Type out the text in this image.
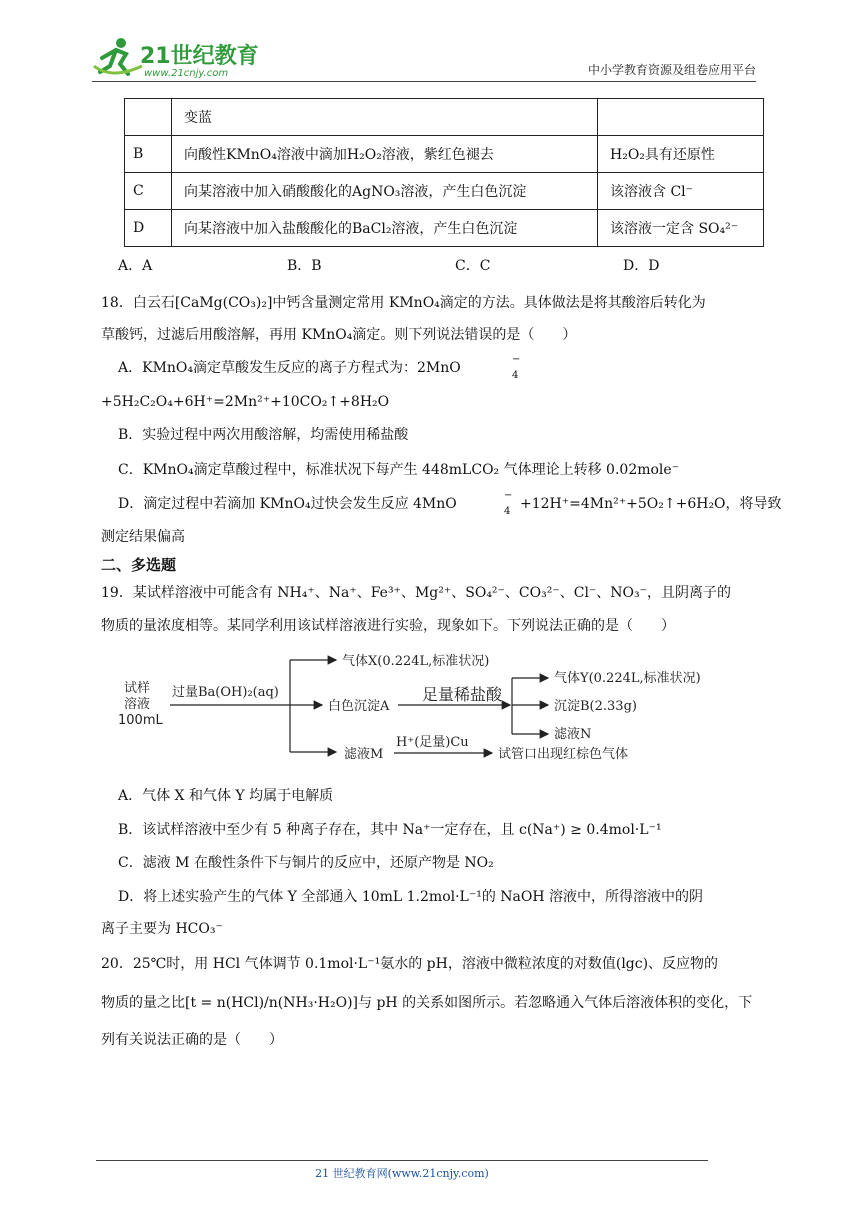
21世纪教育
www.21cnjy.com	中小学教育资源及组卷应用平台
	变蓝	
B	向酸性KMnO₄溶液中滴加H₂O₂溶液，紫红色褪去	H₂O₂具有还原性
C	向某溶液中加入硝酸酸化的AgNO₃溶液，产生白色沉淀	该溶液含 Cl⁻
D	向某溶液中加入盐酸酸化的BaCl₂溶液，产生白色沉淀	该溶液一定含 SO₄²⁻
A．A	B．B	C．C	D．D
18．白云石[CaMg(CO₃)₂]中钙含量测定常用 KMnO₄滴定的方法。具体做法是将其酸溶后转化为
草酸钙，过滤后用酸溶解，再用 KMnO₄滴定。则下列说法错误的是（　　）
A．KMnO₄滴定草酸发生反应的离子方程式为：2MnO
−
4
+5H₂C₂O₄+6H⁺=2Mn²⁺+10CO₂↑+8H₂O
B．实验过程中两次用酸溶解，均需使用稀盐酸
C．KMnO₄滴定草酸过程中，标准状况下每产生 448mLCO₂ 气体理论上转移 0.02mole⁻
D．滴定过程中若滴加 KMnO₄过快会发生反应 4MnO
−
4 +12H⁺=4Mn²⁺+5O₂↑+6H₂O，将导致
测定结果偏高
二、多选题
19．某试样溶液中可能含有 NH₄⁺、Na⁺、Fe³⁺、Mg²⁺、SO₄²⁻、CO₃²⁻、Cl⁻、NO₃⁻，且阴离子的
物质的量浓度相等。某同学利用该试样溶液进行实验，现象如下。下列说法正确的是（　　）
试样
溶液
100mL
过量Ba(OH)₂(aq)
气体X(0.224L,标准状况)
白色沉淀A
足量稀盐酸
气体Y(0.224L,标准状况)
沉淀B(2.33g)
滤液N
滤液M
H⁺(足量)Cu
试管口出现红棕色气体
A．气体 X 和气体 Y 均属于电解质
B．该试样溶液中至少有 5 种离子存在，其中 Na⁺一定存在，且 c(Na⁺) ≥ 0.4mol·L⁻¹
C．滤液 M 在酸性条件下与铜片的反应中，还原产物是 NO₂
D．将上述实验产生的气体 Y 全部通入 10mL 1.2mol·L⁻¹的 NaOH 溶液中，所得溶液中的阴
离子主要为 HCO₃⁻
20．25℃时，用 HCl 气体调节 0.1mol·L⁻¹氨水的 pH，溶液中微粒浓度的对数值(lgc)、反应物的
物质的量之比[t = n(HCl)/n(NH₃·H₂O)]与 pH 的关系如图所示。若忽略通入气体后溶液体积的变化，下
列有关说法正确的是（　　）
21 世纪教育网(www.21cnjy.com)
